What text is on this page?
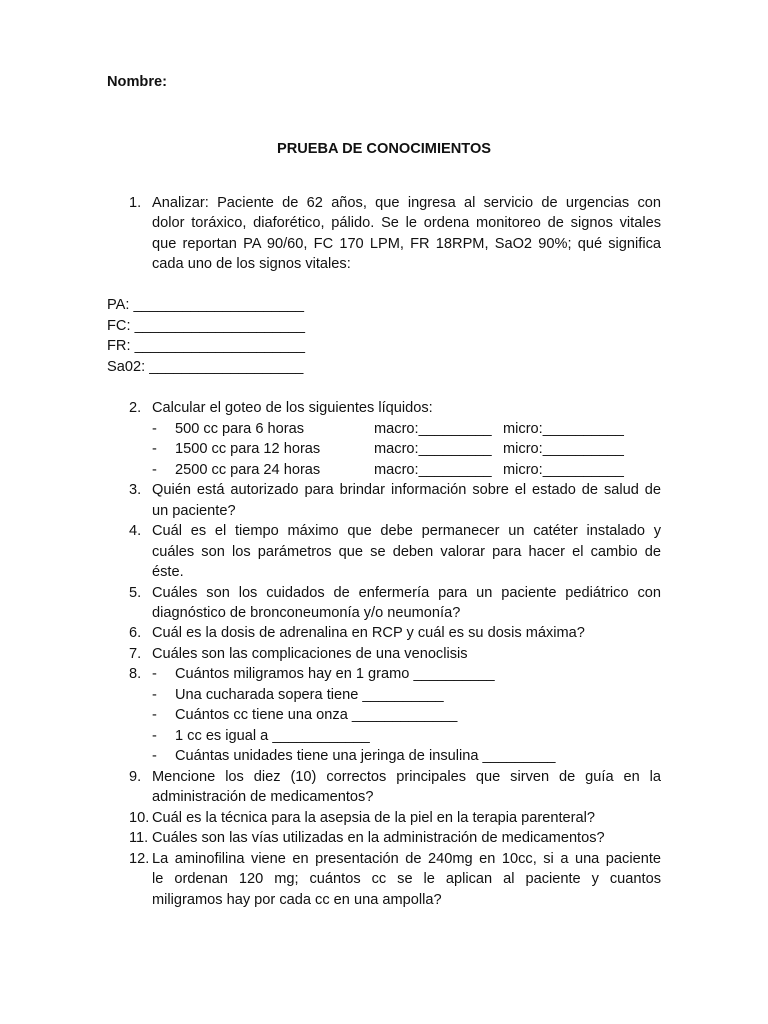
Nombre:
PRUEBA DE CONOCIMIENTOS
1. Analizar: Paciente de 62 años, que ingresa al servicio de urgencias con
dolor toráxico, diaforético, pálido. Se le ordena monitoreo de signos vitales
que reportan PA 90/60, FC 170 LPM, FR 18RPM, SaO2 90%; qué significa
cada uno de los signos vitales:
PA: _____________________
FC: _____________________
FR: _____________________
Sa02: ___________________
2. Calcular el goteo de los siguientes líquidos:
- 500 cc para 6 horas	macro:_________ micro:__________
- 1500 cc para 12 horas	macro:_________ micro:__________
- 2500 cc para 24 horas	macro:_________ micro:__________
3. Quién está autorizado para brindar información sobre el estado de salud de
un paciente?
4. Cuál es el tiempo máximo que debe permanecer un catéter instalado y
cuáles son los parámetros que se deben valorar para hacer el cambio de
éste.
5. Cuáles son los cuidados de enfermería para un paciente pediátrico con
diagnóstico de bronconeumonía y/o neumonía?
6. Cuál es la dosis de adrenalina en RCP y cuál es su dosis máxima?
7. Cuáles son las complicaciones de una venoclisis
8. - Cuántos miligramos hay en 1 gramo __________
- Una cucharada sopera tiene __________
- Cuántos cc tiene una onza _____________
- 1 cc es igual a ____________
- Cuántas unidades tiene una jeringa de insulina _________
9. Mencione los diez (10) correctos principales que sirven de guía en la
administración de medicamentos?
10. Cuál es la técnica para la asepsia de la piel en la terapia parenteral?
11. Cuáles son las vías utilizadas en la administración de medicamentos?
12. La aminofilina viene en presentación de 240mg en 10cc, si a una paciente
le ordenan 120 mg; cuántos cc se le aplican al paciente y cuantos
miligramos hay por cada cc en una ampolla?
